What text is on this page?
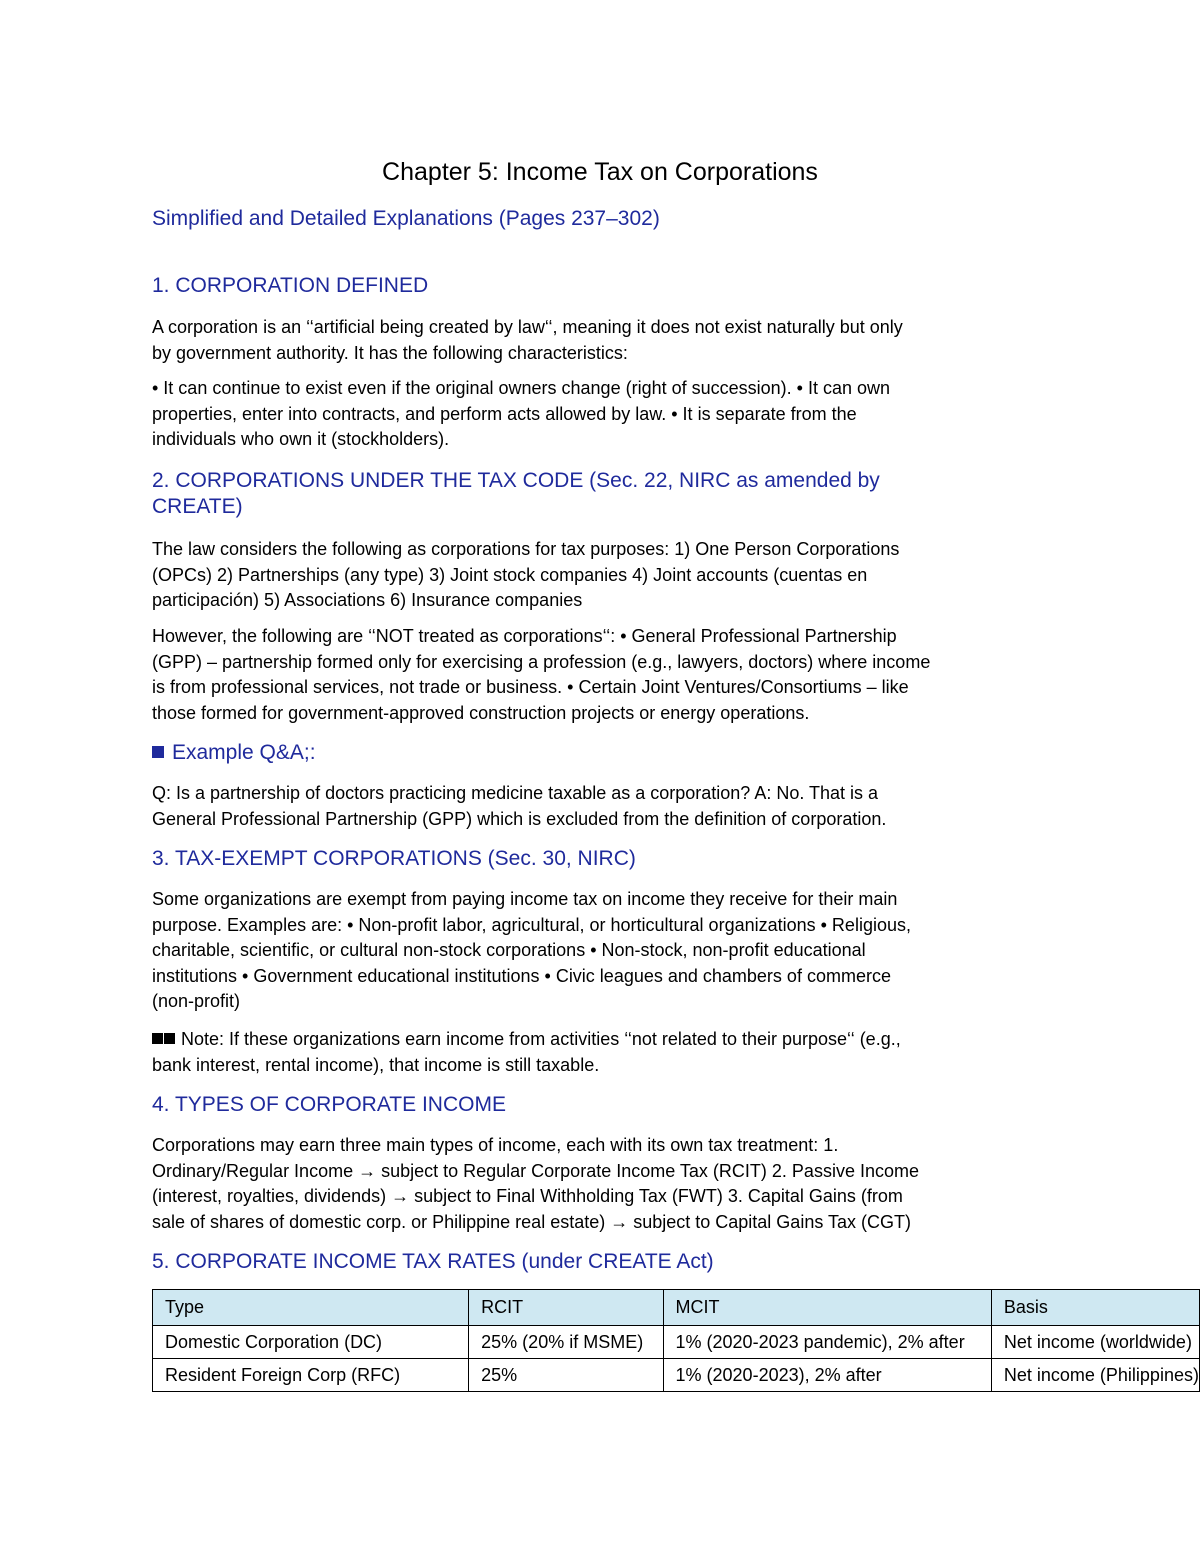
Chapter 5: Income Tax on Corporations
Simplified and Detailed Explanations (Pages 237–302)
1. CORPORATION DEFINED
A corporation is an ‘‘artificial being created by law‘‘, meaning it does not exist naturally but only
by government authority. It has the following characteristics:
• It can continue to exist even if the original owners change (right of succession). • It can own
properties, enter into contracts, and perform acts allowed by law. • It is separate from the
individuals who own it (stockholders).
2. CORPORATIONS UNDER THE TAX CODE (Sec. 22, NIRC as amended by
CREATE)
The law considers the following as corporations for tax purposes: 1) One Person Corporations
(OPCs) 2) Partnerships (any type) 3) Joint stock companies 4) Joint accounts (cuentas en
participación) 5) Associations 6) Insurance companies
However, the following are ‘‘NOT treated as corporations‘‘: • General Professional Partnership
(GPP) – partnership formed only for exercising a profession (e.g., lawyers, doctors) where income
is from professional services, not trade or business. • Certain Joint Ventures/Consortiums – like
those formed for government-approved construction projects or energy operations.
Example Q&A;:
Q: Is a partnership of doctors practicing medicine taxable as a corporation? A: No. That is a
General Professional Partnership (GPP) which is excluded from the definition of corporation.
3. TAX-EXEMPT CORPORATIONS (Sec. 30, NIRC)
Some organizations are exempt from paying income tax on income they receive for their main
purpose. Examples are: • Non-profit labor, agricultural, or horticultural organizations • Religious,
charitable, scientific, or cultural non-stock corporations • Non-stock, non-profit educational
institutions • Government educational institutions • Civic leagues and chambers of commerce
(non-profit)
Note: If these organizations earn income from activities ‘‘not related to their purpose‘‘ (e.g.,
bank interest, rental income), that income is still taxable.
4. TYPES OF CORPORATE INCOME
Corporations may earn three main types of income, each with its own tax treatment: 1.
Ordinary/Regular Income → subject to Regular Corporate Income Tax (RCIT) 2. Passive Income
(interest, royalties, dividends) → subject to Final Withholding Tax (FWT) 3. Capital Gains (from
sale of shares of domestic corp. or Philippine real estate) → subject to Capital Gains Tax (CGT)
5. CORPORATE INCOME TAX RATES (under CREATE Act)
Type	RCIT	MCIT	Basis
Domestic Corporation (DC)	25% (20% if MSME)	1% (2020-2023 pandemic), 2% after	Net income (worldwide)
Resident Foreign Corp (RFC)	25%	1% (2020-2023), 2% after	Net income (Philippines)
